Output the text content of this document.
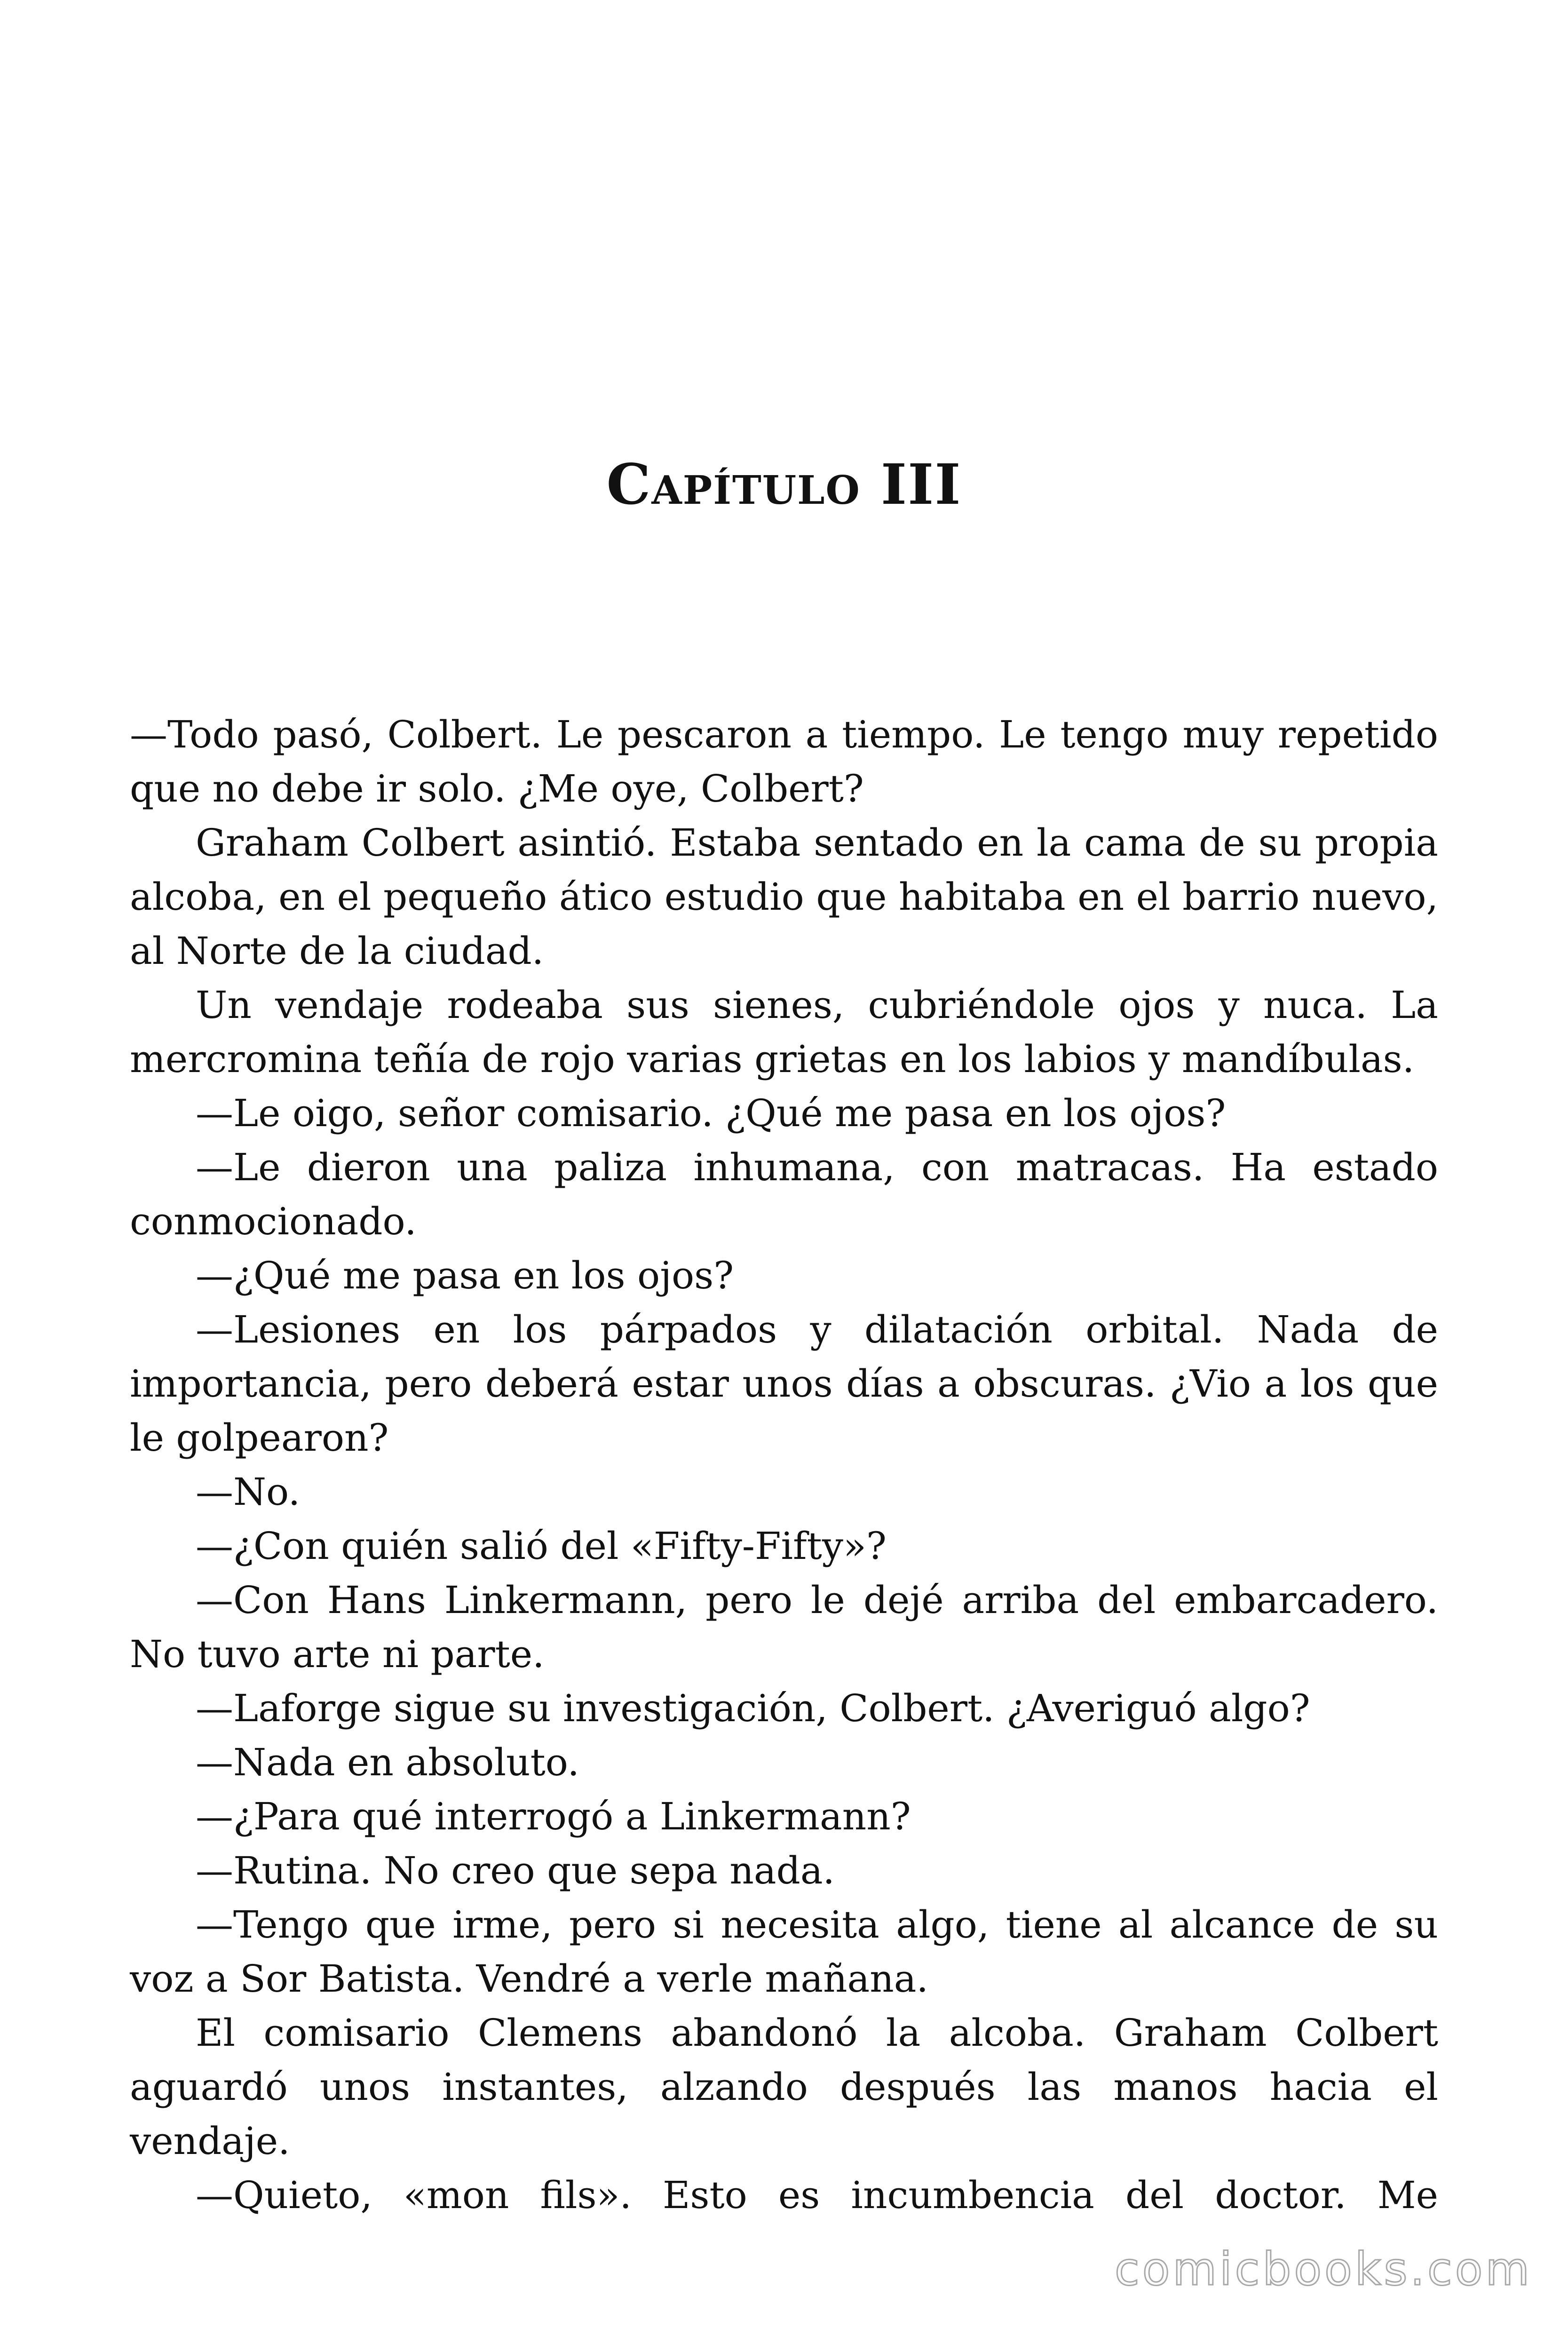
Capítulo III

—Todo pasó, Colbert. Le pescaron a tiempo. Le tengo muy repetido que no debe ir solo. ¿Me oye, Colbert?

Graham Colbert asintió. Estaba sentado en la cama de su propia alcoba, en el pequeño ático estudio que habitaba en el barrio nuevo, al Norte de la ciudad.

Un vendaje rodeaba sus sienes, cubriéndole ojos y nuca. La mercromina teñía de rojo varias grietas en los labios y mandíbulas.

—Le oigo, señor comisario. ¿Qué me pasa en los ojos?

—Le dieron una paliza inhumana, con matracas. Ha estado conmocionado.

—¿Qué me pasa en los ojos?

—Lesiones en los párpados y dilatación orbital. Nada de importancia, pero deberá estar unos días a obscuras. ¿Vio a los que le golpearon?

—No.

—¿Con quién salió del «Fifty-Fifty»?

—Con Hans Linkermann, pero le dejé arriba del embarcadero. No tuvo arte ni parte.

—Laforge sigue su investigación, Colbert. ¿Averiguó algo?

—Nada en absoluto.

—¿Para qué interrogó a Linkermann?

—Rutina. No creo que sepa nada.

—Tengo que irme, pero si necesita algo, tiene al alcance de su voz a Sor Batista. Vendré a verle mañana.

El comisario Clemens abandonó la alcoba. Graham Colbert aguardó unos instantes, alzando después las manos hacia el vendaje.

—Quieto, «mon fils». Esto es incumbencia del doctor. Me

comicbooks.com
